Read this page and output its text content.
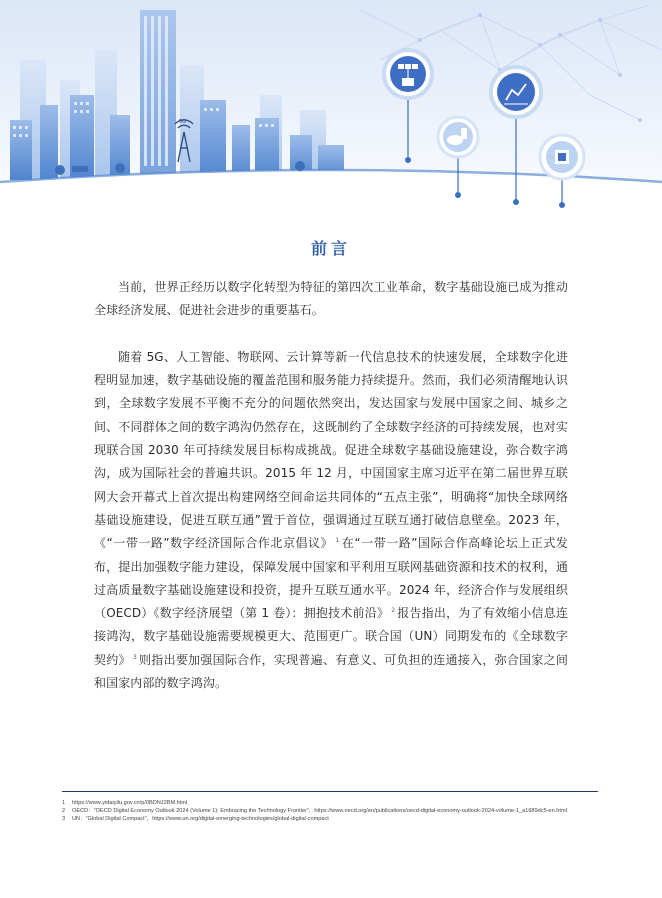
5G
前言

当前，世界正经历以数字化转型为特征的第四次工业革命，数字基础设施已成为推动全球经济发展、促进社会进步的重要基石。

随着 5G、人工智能、物联网、云计算等新一代信息技术的快速发展，全球数字化进程明显加速，数字基础设施的覆盖范围和服务能力持续提升。然而，我们必须清醒地认识到，全球数字发展不平衡不充分的问题依然突出，发达国家与发展中国家之间、城乡之间、不同群体之间的数字鸿沟仍然存在，这既制约了全球数字经济的可持续发展，也对实现联合国 2030 年可持续发展目标构成挑战。促进全球数字基础设施建设，弥合数字鸿沟，成为国际社会的普遍共识。2015 年 12 月，中国国家主席习近平在第二届世界互联网大会开幕式上首次提出构建网络空间命运共同体的“五点主张”，明确将“加快全球网络基础设施建设，促进互联互通”置于首位，强调通过互联互通打破信息壁垒。2023 年，《“一带一路”数字经济国际合作北京倡议》 $^1$ 在“一带一路”国际合作高峰论坛上正式发布，提出加强数字能力建设，保障发展中国家和平利用互联网基础资源和技术的权利，通过高质量数字基础设施建设和投资，提升互联互通水平。2024 年，经济合作与发展组织（OECD）《数字经济展望（第 1 卷）：拥抱技术前沿》 $^2$ 报告指出，为了有效缩小信息连接鸿沟，数字基础设施需要规模更大、范围更广。联合国（UN）同期发布的《全球数字契约》 $^3$ 则指出要加强国际合作，实现普遍、有意义、可负担的连通接入，弥合国家之间和国家内部的数字鸿沟。

1 https://www.yidaiyilu.gov.cn/p/0BDNJ2BM.html
2 OECD：“OECD Digital Economy Outlook 2024 (Volume 1): Embracing the Technology Frontier”，https://www.oecd.org/en/publications/oecd-digital-economy-outlook-2024-volume-1_a1689dc5-en.html
3 UN：“Global Digital Compact”，https://www.un.org/digital-emerging-technologies/global-digital-compact
